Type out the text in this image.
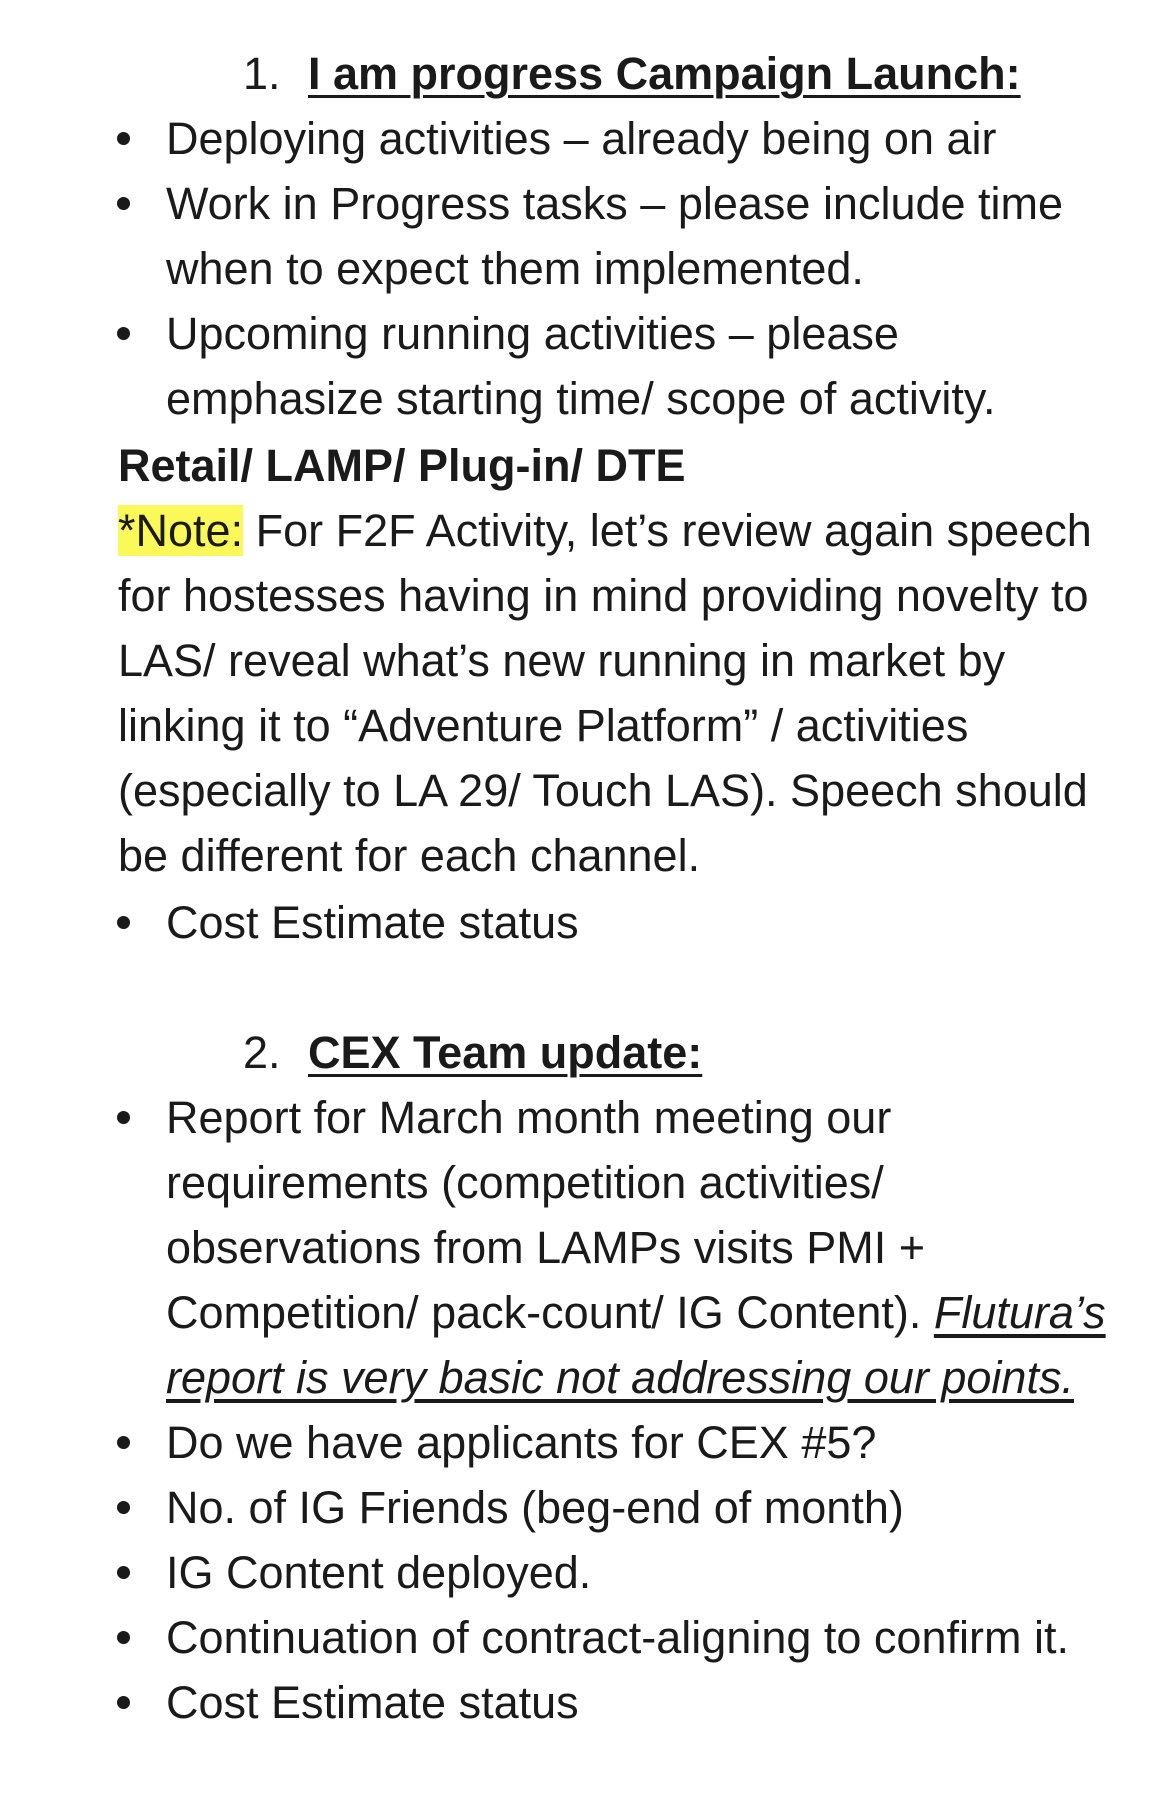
1. I am progress Campaign Launch:
Deploying activities – already being on air
Work in Progress tasks – please include time when to expect them implemented.
Upcoming running activities – please emphasize starting time/ scope of activity.
Retail/ LAMP/ Plug-in/ DTE
*Note: For F2F Activity, let’s review again speech for hostesses having in mind providing novelty to LAS/ reveal what’s new running in market by linking it to “Adventure Platform” / activities (especially to LA 29/ Touch LAS). Speech should be different for each channel.
Cost Estimate status
2. CEX Team update:
Report for March month meeting our requirements (competition activities/ observations from LAMPs visits PMI + Competition/ pack-count/ IG Content). Flutura’s report is very basic not addressing our points.
Do we have applicants for CEX #5?
No. of IG Friends (beg-end of month)
IG Content deployed.
Continuation of contract-aligning to confirm it.
Cost Estimate status
